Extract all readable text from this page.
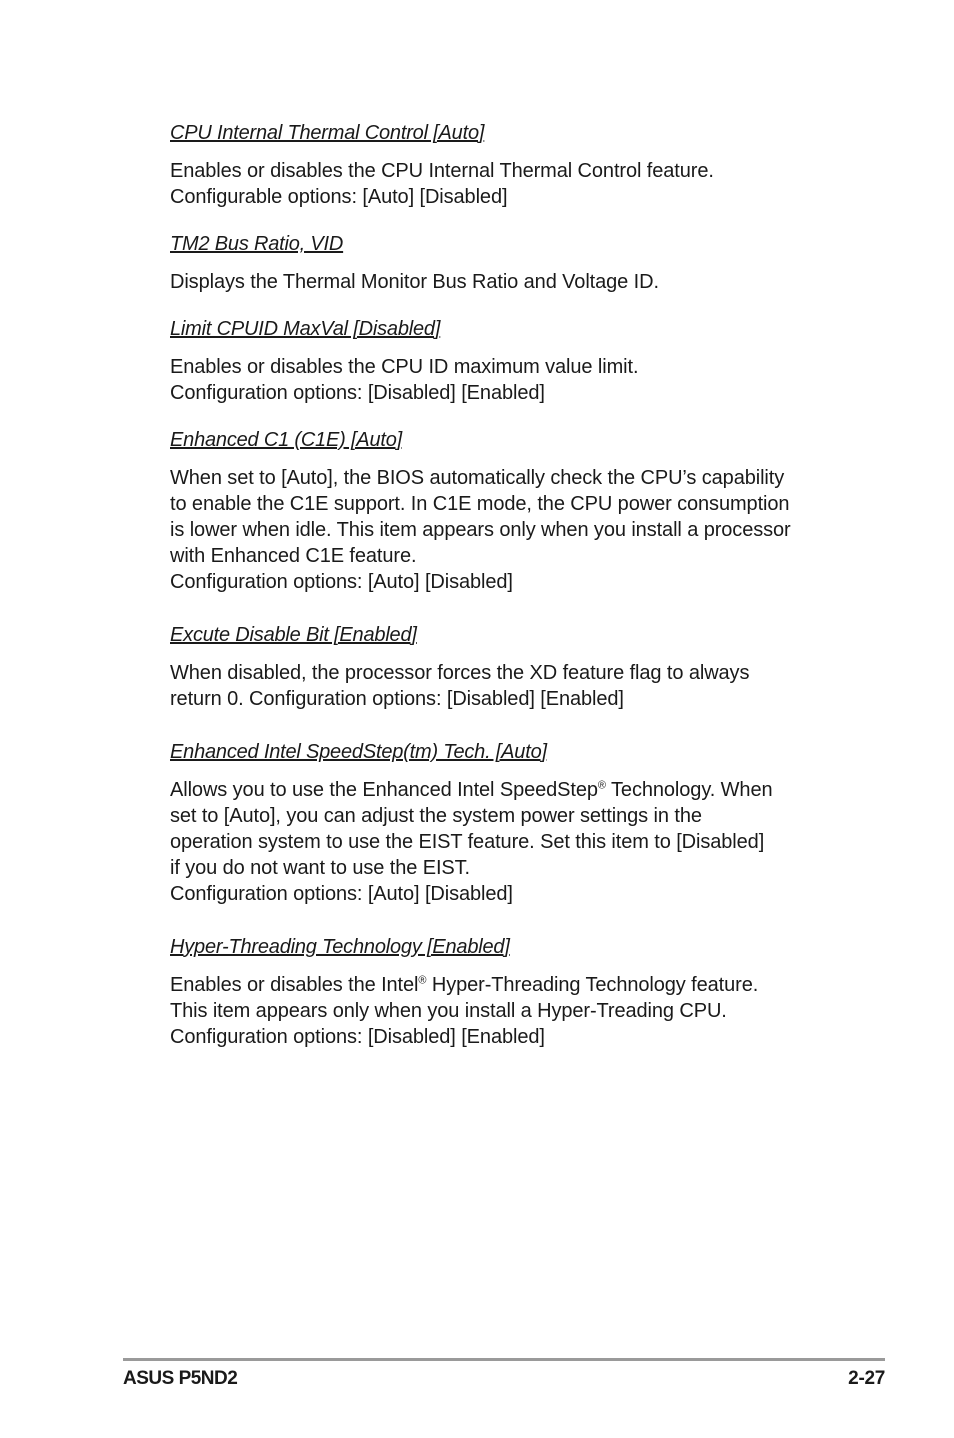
CPU Internal Thermal Control [Auto]

Enables or disables the CPU Internal Thermal Control feature.

Configurable options: [Auto] [Disabled]

TM2 Bus Ratio, VID

Displays the Thermal Monitor Bus Ratio and Voltage ID.

Limit CPUID MaxVal [Disabled]

Enables or disables the CPU ID maximum value limit.

Configuration options: [Disabled] [Enabled]

Enhanced C1 (C1E) [Auto]

When set to [Auto], the BIOS automatically check the CPU’s capability

to enable the C1E support. In C1E mode, the CPU power consumption

is lower when idle. This item appears only when you install a processor

with Enhanced C1E feature.

Configuration options: [Auto] [Disabled]

Excute Disable Bit [Enabled]

When disabled, the processor forces the XD feature flag to always

return 0. Configuration options: [Disabled] [Enabled]

Enhanced Intel SpeedStep(tm) Tech. [Auto]

Allows you to use the Enhanced Intel SpeedStep® Technology. When

set to [Auto], you can adjust the system power settings in the

operation system to use the EIST feature. Set this item to [Disabled]

if you do not want to use the EIST.

Configuration options: [Auto] [Disabled]

Hyper-Threading Technology [Enabled]

Enables or disables the Intel® Hyper-Threading Technology feature.

This item appears only when you install a Hyper-Treading CPU.

Configuration options: [Disabled] [Enabled]

ASUS P5ND2	2-27
